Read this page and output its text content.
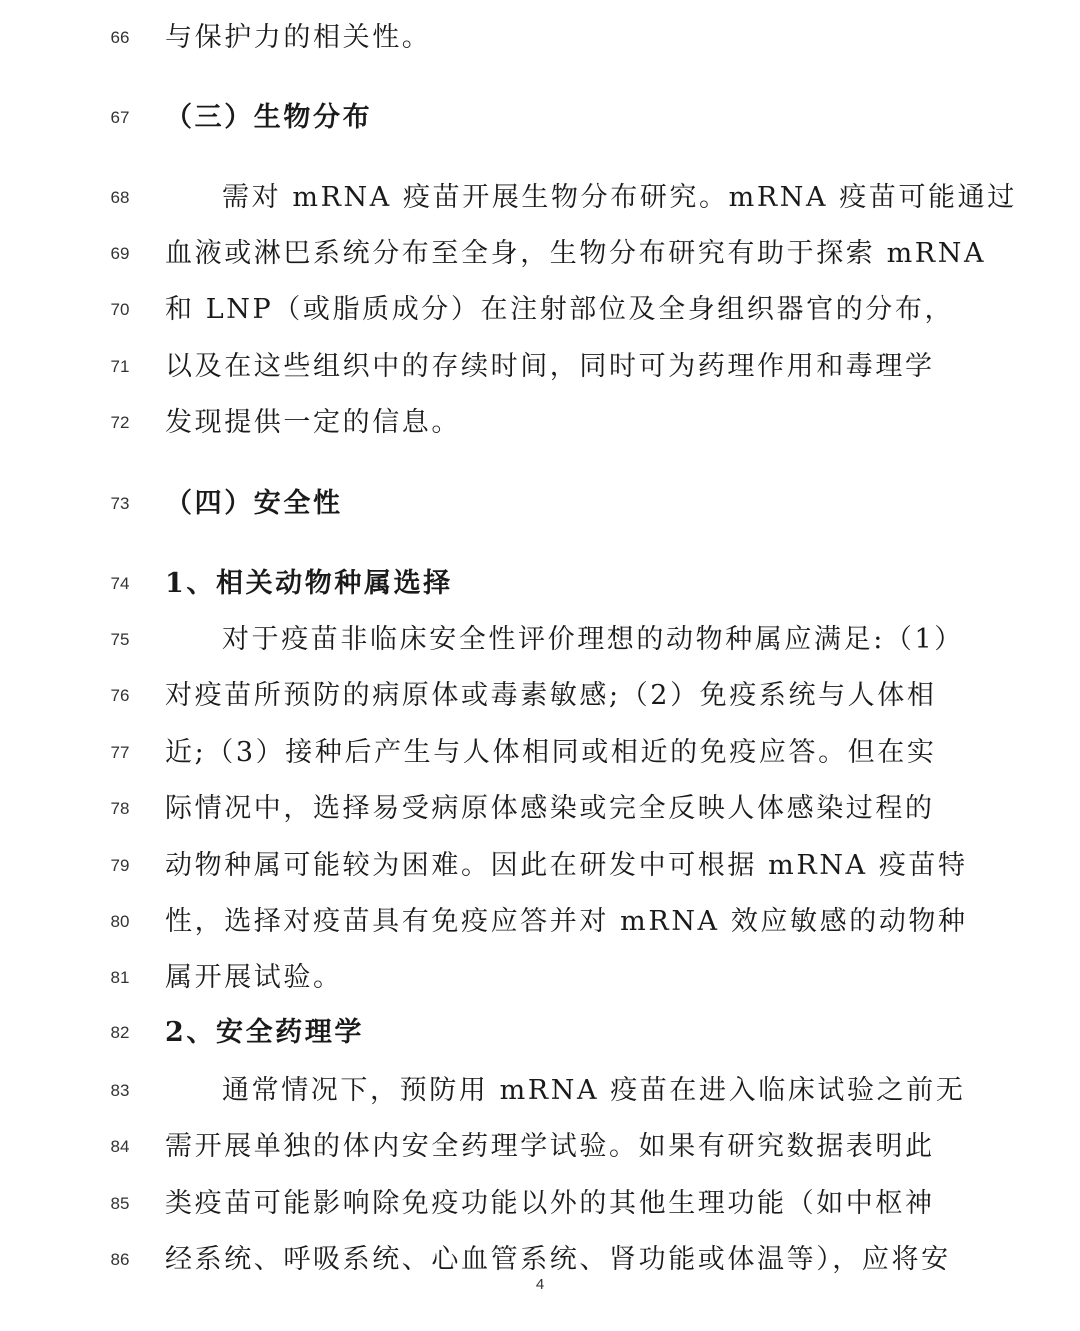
66	与保护力的相关性。
67	（三）生物分布
68	需对 mRNA 疫苗开展生物分布研究。mRNA 疫苗可能通过
69	血液或淋巴系统分布至全身，生物分布研究有助于探索 mRNA
70	和 LNP（或脂质成分）在注射部位及全身组织器官的分布，
71	以及在这些组织中的存续时间，同时可为药理作用和毒理学
72	发现提供一定的信息。
73	（四）安全性
74	1、相关动物种属选择
75	对于疫苗非临床安全性评价理想的动物种属应满足:（1）
76	对疫苗所预防的病原体或毒素敏感;（2）免疫系统与人体相
77	近;（3）接种后产生与人体相同或相近的免疫应答。但在实
78	际情况中，选择易受病原体感染或完全反映人体感染过程的
79	动物种属可能较为困难。因此在研发中可根据 mRNA 疫苗特
80	性，选择对疫苗具有免疫应答并对 mRNA 效应敏感的动物种
81	属开展试验。
82	2、安全药理学
83	通常情况下，预防用 mRNA 疫苗在进入临床试验之前无
84	需开展单独的体内安全药理学试验。如果有研究数据表明此
85	类疫苗可能影响除免疫功能以外的其他生理功能（如中枢神
86	经系统、呼吸系统、心血管系统、肾功能或体温等），应将安
4
